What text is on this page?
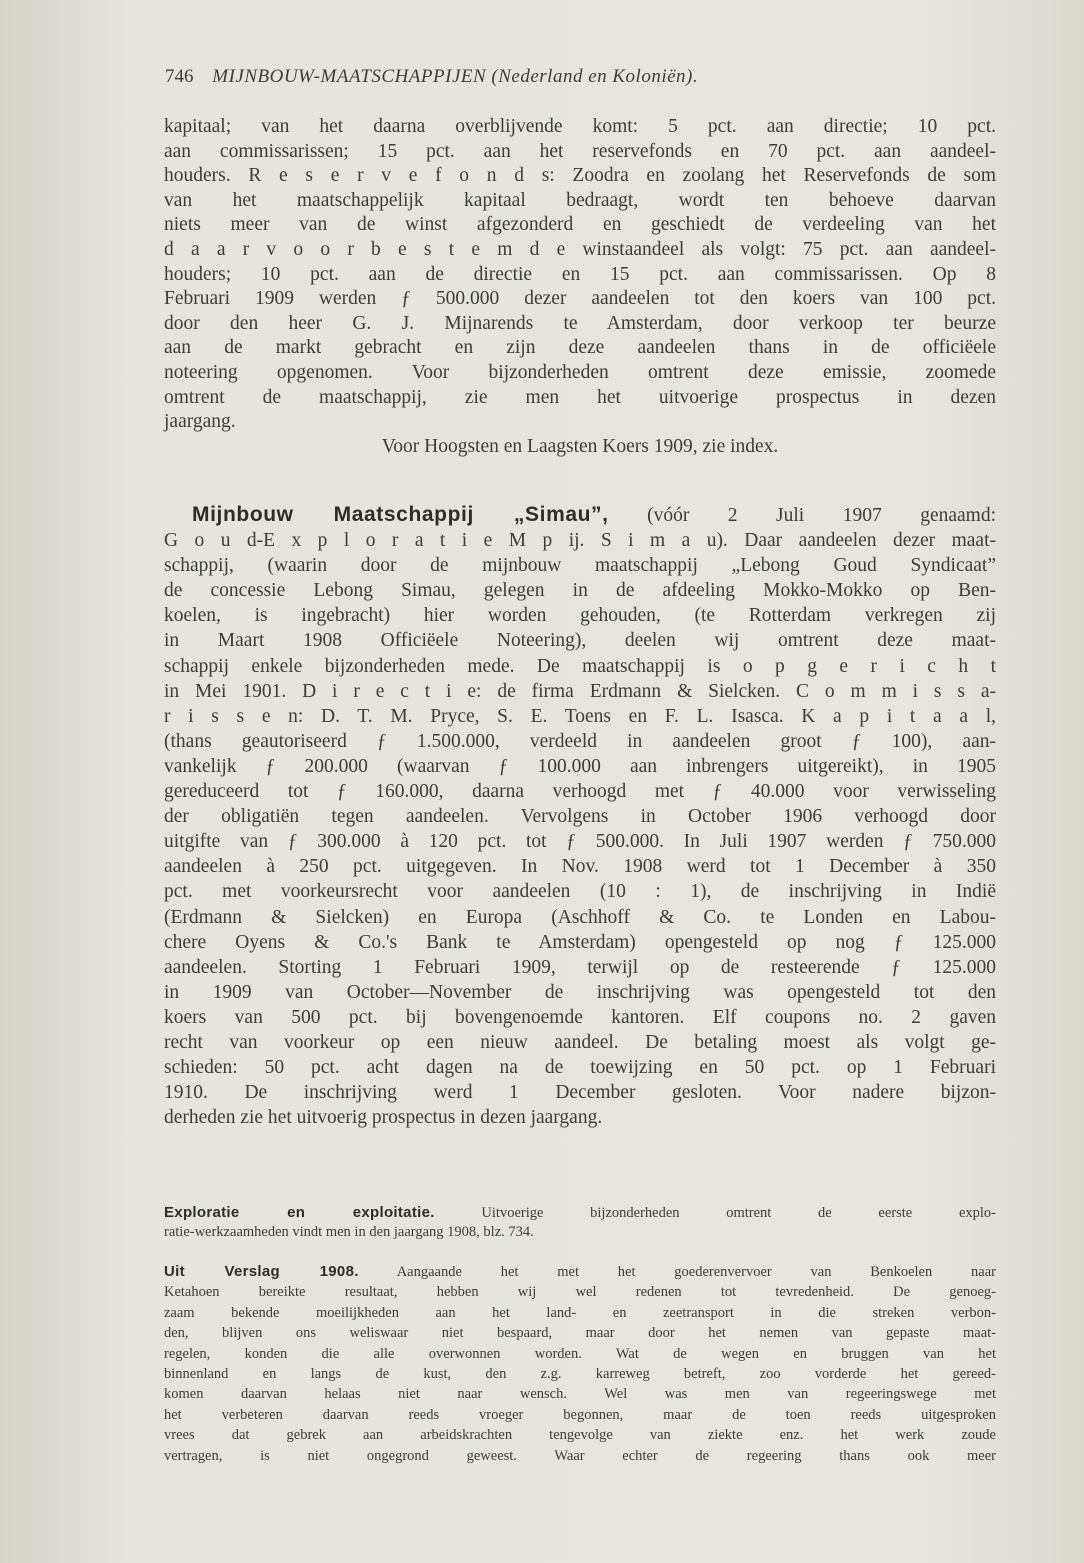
746 MIJNBOUW-MAATSCHAPPIJEN (Nederland en Koloniën).
kapitaal; van het daarna overblijvende komt: 5 pct. aan directie; 10 pct.
aan commissarissen; 15 pct. aan het reservefonds en 70 pct. aan aandeel-
houders. R e s e r v e f o n d s: Zoodra en zoolang het Reservefonds de som
van het maatschappelijk kapitaal bedraagt, wordt ten behoeve daarvan
niets meer van de winst afgezonderd en geschiedt de verdeeling van het
d a a r v o o r b e s t e m d e winstaandeel als volgt: 75 pct. aan aandeel-
houders; 10 pct. aan de directie en 15 pct. aan commissarissen. Op 8
Februari 1909 werden ƒ 500.000 dezer aandeelen tot den koers van 100 pct.
door den heer G. J. Mijnarends te Amsterdam, door verkoop ter beurze
aan de markt gebracht en zijn deze aandeelen thans in de officiëele
noteering opgenomen. Voor bijzonderheden omtrent deze emissie, zoomede
omtrent de maatschappij, zie men het uitvoerige prospectus in dezen
jaargang.
Voor Hoogsten en Laagsten Koers 1909, zie index.
Mijnbouw Maatschappij „Simau”, (vóór 2 Juli 1907 genaamd:
G o u d-E x p l o r a t i e M p ij. S i m a u). Daar aandeelen dezer maat-
schappij, (waarin door de mijnbouw maatschappij „Lebong Goud Syndicaat”
de concessie Lebong Simau, gelegen in de afdeeling Mokko-Mokko op Ben-
koelen, is ingebracht) hier worden gehouden, (te Rotterdam verkregen zij
in Maart 1908 Officiëele Noteering), deelen wij omtrent deze maat-
schappij enkele bijzonderheden mede. De maatschappij is o p g e r i c h t
in Mei 1901. D i r e c t i e: de firma Erdmann & Sielcken. C o m m i s s a-
r i s s e n: D. T. M. Pryce, S. E. Toens en F. L. Isasca. K a p i t a a l,
(thans geautoriseerd ƒ 1.500.000, verdeeld in aandeelen groot ƒ 100), aan-
vankelijk ƒ 200.000 (waarvan ƒ 100.000 aan inbrengers uitgereikt), in 1905
gereduceerd tot ƒ 160.000, daarna verhoogd met ƒ 40.000 voor verwisseling
der obligatiën tegen aandeelen. Vervolgens in October 1906 verhoogd door
uitgifte van ƒ 300.000 à 120 pct. tot ƒ 500.000. In Juli 1907 werden ƒ 750.000
aandeelen à 250 pct. uitgegeven. In Nov. 1908 werd tot 1 December à 350
pct. met voorkeursrecht voor aandeelen (10 : 1), de inschrijving in Indië
(Erdmann & Sielcken) en Europa (Aschhoff & Co. te Londen en Labou-
chere Oyens & Co.'s Bank te Amsterdam) opengesteld op nog ƒ 125.000
aandeelen. Storting 1 Februari 1909, terwijl op de resteerende ƒ 125.000
in 1909 van October—November de inschrijving was opengesteld tot den
koers van 500 pct. bij bovengenoemde kantoren. Elf coupons no. 2 gaven
recht van voorkeur op een nieuw aandeel. De betaling moest als volgt ge-
schieden: 50 pct. acht dagen na de toewijzing en 50 pct. op 1 Februari
1910. De inschrijving werd 1 December gesloten. Voor nadere bijzon-
derheden zie het uitvoerig prospectus in dezen jaargang.
Exploratie en exploitatie. Uitvoerige bijzonderheden omtrent de eerste explo-
ratie-werkzaamheden vindt men in den jaargang 1908, blz. 734.
Uit Verslag 1908. Aangaande het met het goederenvervoer van Benkoelen naar
Ketahoen bereikte resultaat, hebben wij wel redenen tot tevredenheid. De genoeg-
zaam bekende moeilijkheden aan het land- en zeetransport in die streken verbon-
den, blijven ons weliswaar niet bespaard, maar door het nemen van gepaste maat-
regelen, konden die alle overwonnen worden. Wat de wegen en bruggen van het
binnenland en langs de kust, den z.g. karreweg betreft, zoo vorderde het gereed-
komen daarvan helaas niet naar wensch. Wel was men van regeeringswege met
het verbeteren daarvan reeds vroeger begonnen, maar de toen reeds uitgesproken
vrees dat gebrek aan arbeidskrachten tengevolge van ziekte enz. het werk zoude
vertragen, is niet ongegrond geweest. Waar echter de regeering thans ook meer
